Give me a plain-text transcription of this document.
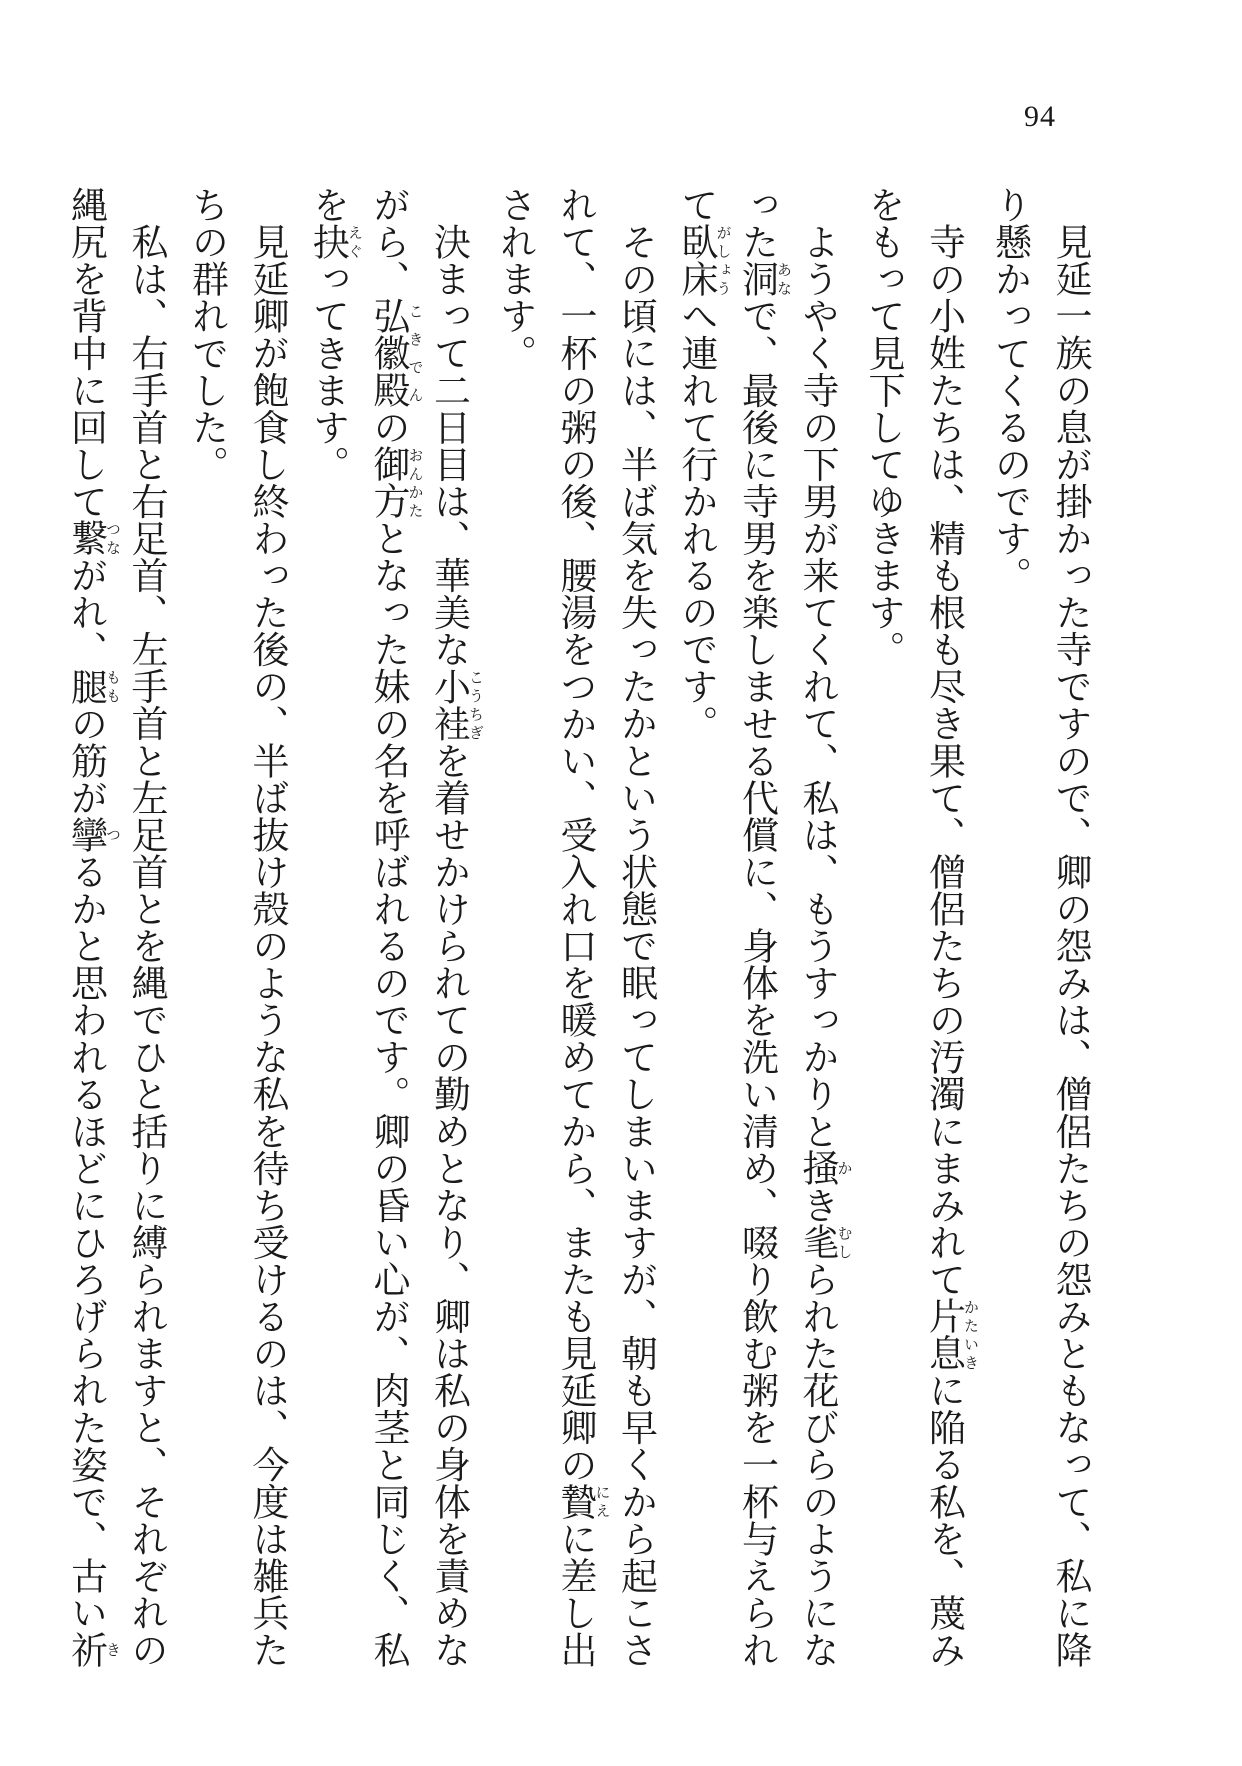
94

見延一族の息が掛かった寺ですので、卿の怨みは、僧侶たちの怨みともなって、私に降り懸かってくるのです。

寺の小姓たちは、精も根も尽き果て、僧侶たちの汚濁にまみれて片息かたいきに陥る私を、蔑みをもって見下してゆきます。

ようやく寺の下男が来てくれて、私は、もうすっかりと掻かき毟むしられた花びらのようになった洞あなで、最後に寺男を楽しませる代償に、身体を洗い清め、啜り飲む粥を一杯与えられて臥床がしょうへ連れて行かれるのです。

その頃には、半ば気を失ったかという状態で眠ってしまいますが、朝も早くから起こされて、一杯の粥の後、腰湯をつかい、受入れ口を暖めてから、またも見延卿の贄にえに差し出されます。

決まって二日目は、華美な小袿こうちぎを着せかけられての勤めとなり、卿は私の身体を責めながら、弘徽殿こきでんの御方おんかたとなった妹の名を呼ばれるのです。卿の昏い心が、肉茎と同じく、私を抉えぐってきます。

見延卿が飽食し終わった後の、半ば抜け殻のような私を待ち受けるのは、今度は雑兵たちの群れでした。

私は、右手首と右足首、左手首と左足首とを縄でひと括りに縛られますと、それぞれの縄尻を背中に回して繋つながれ、腿ももの筋が攣つるかと思われるほどにひろげられた姿で、古い祈き
